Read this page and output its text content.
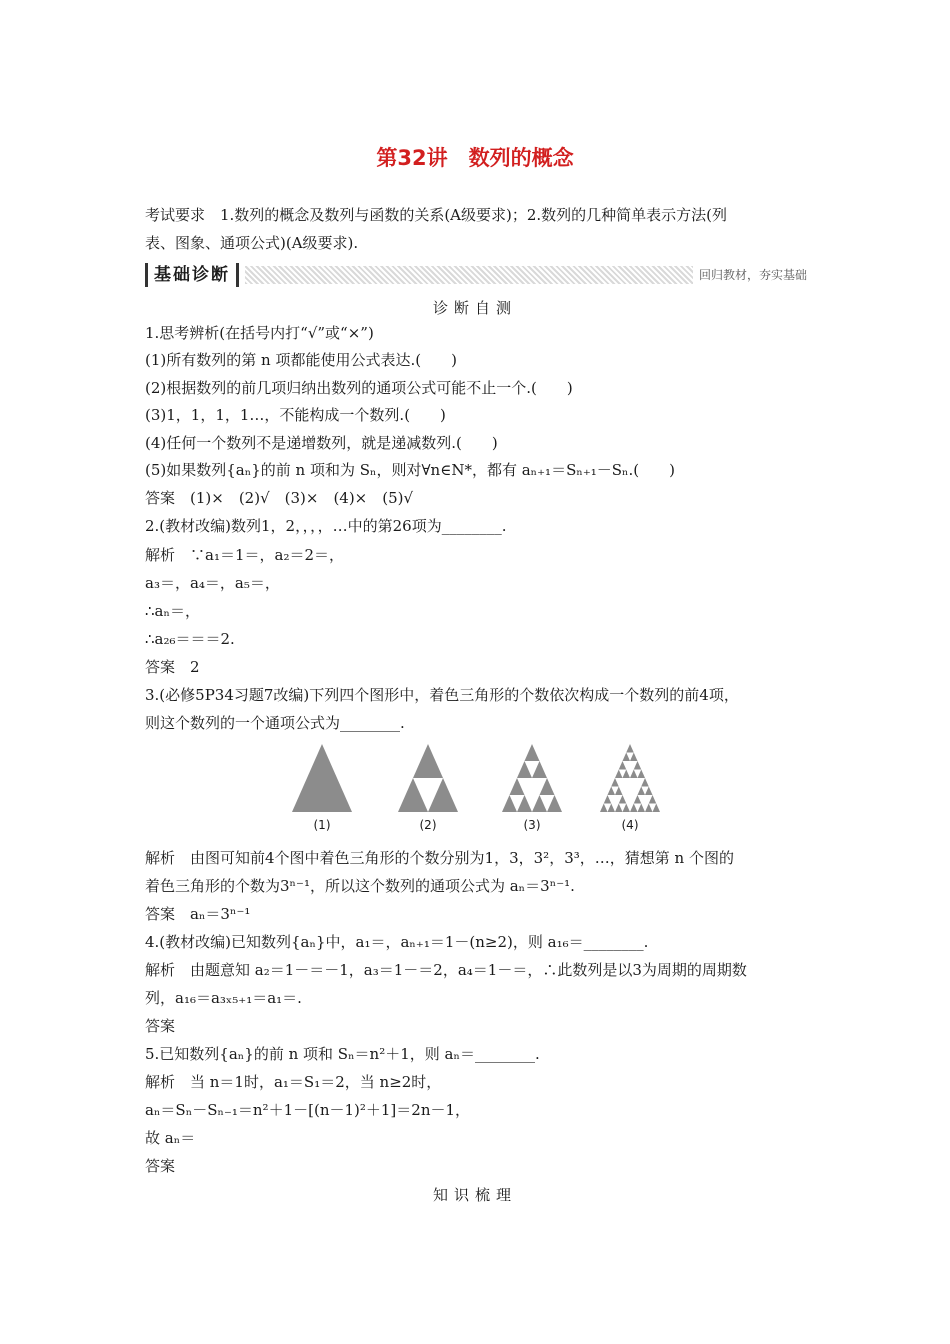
第32讲　数列的概念
考试要求　1.数列的概念及数列与函数的关系(A级要求)；2.数列的几种简单表示方法(列
表、图象、通项公式)(A级要求).
基础诊断	回归教材，夯实基础
诊断自测
1.思考辨析(在括号内打“√”或“×”)
(1)所有数列的第 n 项都能使用公式表达.(　　)
(2)根据数列的前几项归纳出数列的通项公式可能不止一个.(　　)
(3)1，1，1，1…，不能构成一个数列.(　　)
(4)任何一个数列不是递增数列，就是递减数列.(　　)
(5)如果数列{aₙ}的前 n 项和为 Sₙ，则对∀n∈N*，都有 aₙ₊₁＝Sₙ₊₁－Sₙ.(　　)
答案　(1)×　(2)√　(3)×　(4)×　(5)√
2.(教材改编)数列1，2，，，，…中的第26项为________.
解析　∵a₁＝1＝，a₂＝2＝，
a₃＝，a₄＝，a₅＝，
∴aₙ＝，
∴a₂₆＝＝＝2.
答案　2
3.(必修5P34习题7改编)下列四个图形中，着色三角形的个数依次构成一个数列的前4项，
则这个数列的一个通项公式为________.
(1)	(2)	(3)	(4)
解析　由图可知前4个图中着色三角形的个数分别为1，3，3²，3³，…，猜想第 n 个图的
着色三角形的个数为3ⁿ⁻¹，所以这个数列的通项公式为 aₙ＝3ⁿ⁻¹.
答案　aₙ＝3ⁿ⁻¹
4.(教材改编)已知数列{aₙ}中，a₁＝，aₙ₊₁＝1－(n≥2)，则 a₁₆＝________.
解析　由题意知 a₂＝1－＝－1，a₃＝1－＝2，a₄＝1－＝，∴此数列是以3为周期的周期数
列，a₁₆＝a₃ₓ₅₊₁＝a₁＝.
答案
5.已知数列{aₙ}的前 n 项和 Sₙ＝n²＋1，则 aₙ＝________.
解析　当 n＝1时，a₁＝S₁＝2，当 n≥2时，
aₙ＝Sₙ－Sₙ₋₁＝n²＋1－[(n－1)²＋1]＝2n－1，
故 aₙ＝
答案
知识梳理
